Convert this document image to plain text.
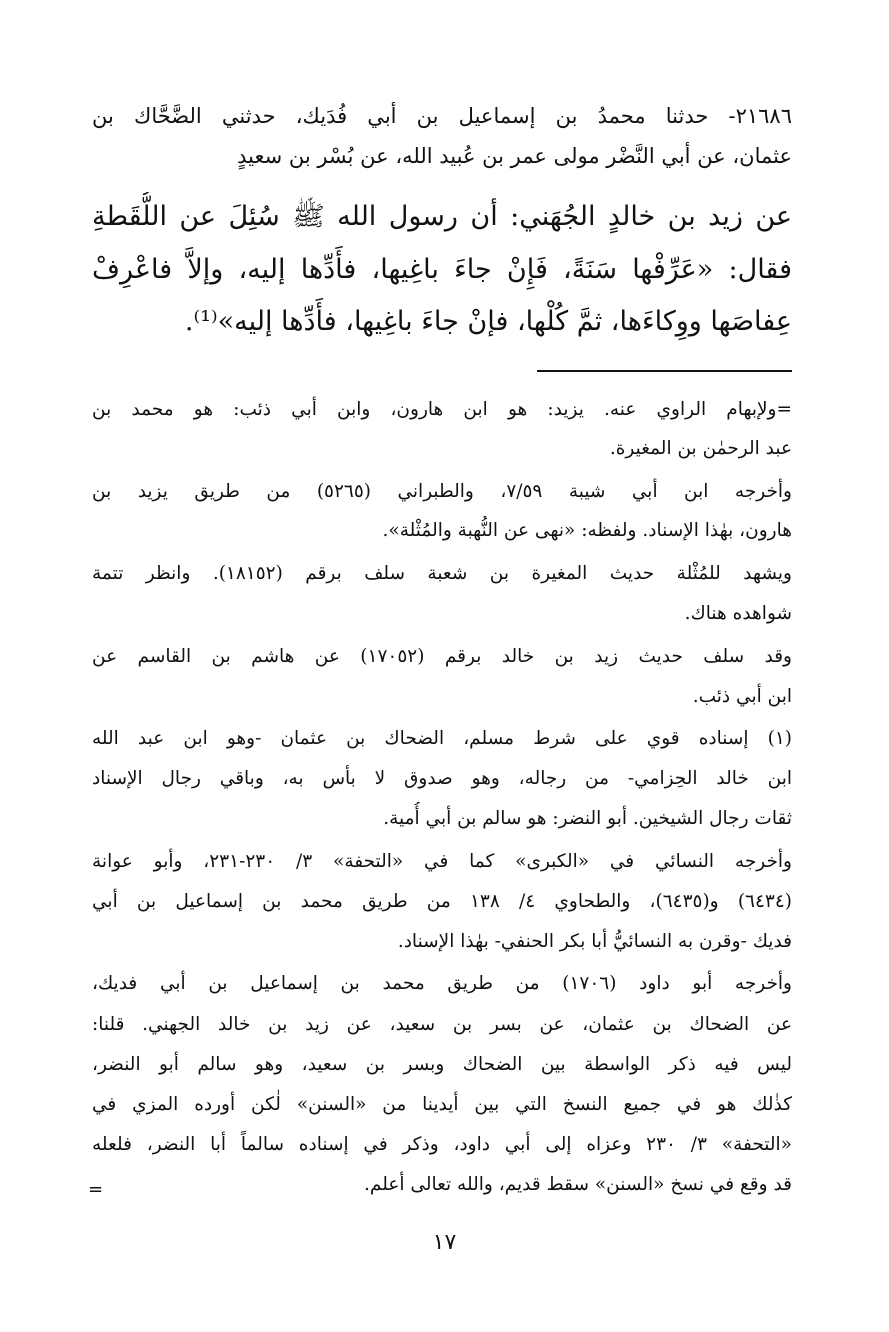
٢١٦٨٦- حدثنا محمدُ بن إسماعيل بن أبي فُدَيك، حدثني الضَّحَّاك بن
عثمان، عن أبي النَّضْر مولى عمر بن عُبيد الله، عن بُسْر بن سعيدٍ
عن زيد بن خالدٍ الجُهَني: أن رسول الله ﷺ سُئِلَ عن اللُّقَطةِ
فقال: «عَرِّفْها سَنَةً، فَإِنْ جاءَ باغِيها، فأَدِّها إليه، وإلاَّ فاعْرِفْ
عِفاصَها ووِكاءَها، ثمَّ كُلْها، فإنْ جاءَ باغِيها، فأَدِّها إليه»⁽¹⁾.
=ولإبهام الراوي عنه. يزيد: هو ابن هارون، وابن أبي ذئب: هو محمد بن
عبد الرحمٰن بن المغيرة.
وأخرجه ابن أبي شيبة ٧/٥٩، والطبراني (٥٢٦٥) من طريق يزيد بن
هارون، بهٰذا الإسناد. ولفظه: «نهى عن النُّهبة والمُثْلة».
ويشهد للمُثْلة حديث المغيرة بن شعبة سلف برقم (١٨١٥٢). وانظر تتمة
شواهده هناك.
وقد سلف حديث زيد بن خالد برقم (١٧٠٥٢) عن هاشم بن القاسم عن
ابن أبي ذئب.
(١) إسناده قوي على شرط مسلم، الضحاك بن عثمان -وهو ابن عبد الله
ابن خالد الحِزامي- من رجاله، وهو صدوق لا بأس به، وباقي رجال الإسناد
ثقات رجال الشيخين. أبو النضر: هو سالم بن أبي أُمية.
وأخرجه النسائي في «الكبرى» كما في «التحفة» ٣/ ٢٣٠-٢٣١، وأبو عوانة
(٦٤٣٤) و(٦٤٣٥)، والطحاوي ٤/ ١٣٨ من طريق محمد بن إسماعيل بن أبي
فديك -وقرن به النسائيُّ أبا بكر الحنفي- بهٰذا الإسناد.
وأخرجه أبو داود (١٧٠٦) من طريق محمد بن إسماعيل بن أبي فديك،
عن الضحاك بن عثمان، عن بسر بن سعيد، عن زيد بن خالد الجهني. قلنا:
ليس فيه ذكر الواسطة بين الضحاك وبسر بن سعيد، وهو سالم أبو النضر،
كذٰلك هو في جميع النسخ التي بين أيدينا من «السنن» لٰكن أورده المزي في
«التحفة» ٣/ ٢٣٠ وعزاه إلى أبي داود، وذكر في إسناده سالماً أبا النضر، فلعله
قد وقع في نسخ «السنن» سقط قديم، والله تعالى أعلم.
=
١٧
